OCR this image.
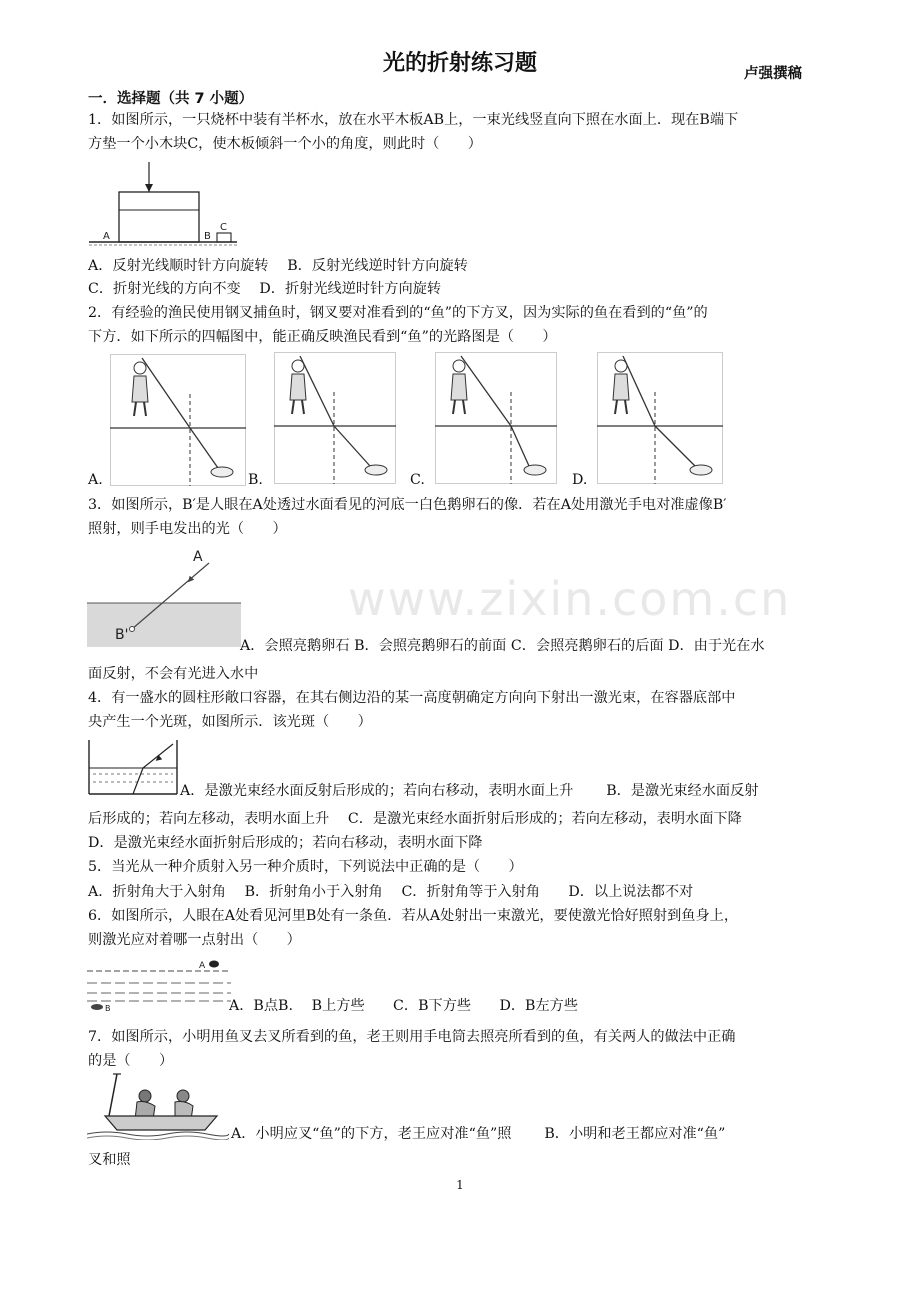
www.zixin.com.cn
光的折射练习题	卢强撰稿
一．选择题（共 7 小题）
1．如图所示，一只烧杯中装有半杯水，放在水平木板AB上，一束光线竖直向下照在水面上．现在B端下
方垫一个小木块C，使木板倾斜一个小的角度，则此时（　　）
A	B
C
A．反射光线顺时针方向旋转　 B．反射光线逆时针方向旋转
C．折射光线的方向不变　 D．折射光线逆时针方向旋转
2．有经验的渔民使用钢叉捕鱼时，钢叉要对准看到的“鱼”的下方叉，因为实际的鱼在看到的“鱼”的
下方．如下所示的四幅图中，能正确反映渔民看到“鱼”的光路图是（　　）
A.	B.	C.	D.
3．如图所示，B′是人眼在A处透过水面看见的河底一白色鹅卵石的像．若在A处用激光手电对准虚像B′
照射，则手电发出的光（　　）
A
B'
A．会照亮鹅卵石 B．会照亮鹅卵石的前面 C．会照亮鹅卵石的后面 D．由于光在水
面反射，不会有光进入水中
4．有一盛水的圆柱形敞口容器，在其右侧边沿的某一高度朝确定方向向下射出一激光束，在容器底部中
央产生一个光斑，如图所示．该光斑（　　）
A．是激光束经水面反射后形成的；若向右移动，表明水面上升　　 B．是激光束经水面反射
后形成的；若向左移动，表明水面上升　 C．是激光束经水面折射后形成的；若向左移动，表明水面下降
D．是激光束经水面折射后形成的；若向右移动，表明水面下降
5．当光从一种介质射入另一种介质时，下列说法中正确的是（　　）
A．折射角大于入射角　 B．折射角小于入射角　 C．折射角等于入射角　　D．以上说法都不对
6．如图所示，人眼在A处看见河里B处有一条鱼．若从A处射出一束激光，要使激光恰好照射到鱼身上，
则激光应对着哪一点射出（　　）
A
B	A．B点B.　 B上方些　　C．B下方些　　D．B左方些
7．如图所示，小明用鱼叉去叉所看到的鱼，老王则用手电筒去照亮所看到的鱼，有关两人的做法中正确
的是（　　）
A．小明应叉“鱼”的下方，老王应对准“鱼”照　　 B．小明和老王都应对准“鱼”
叉和照
1
